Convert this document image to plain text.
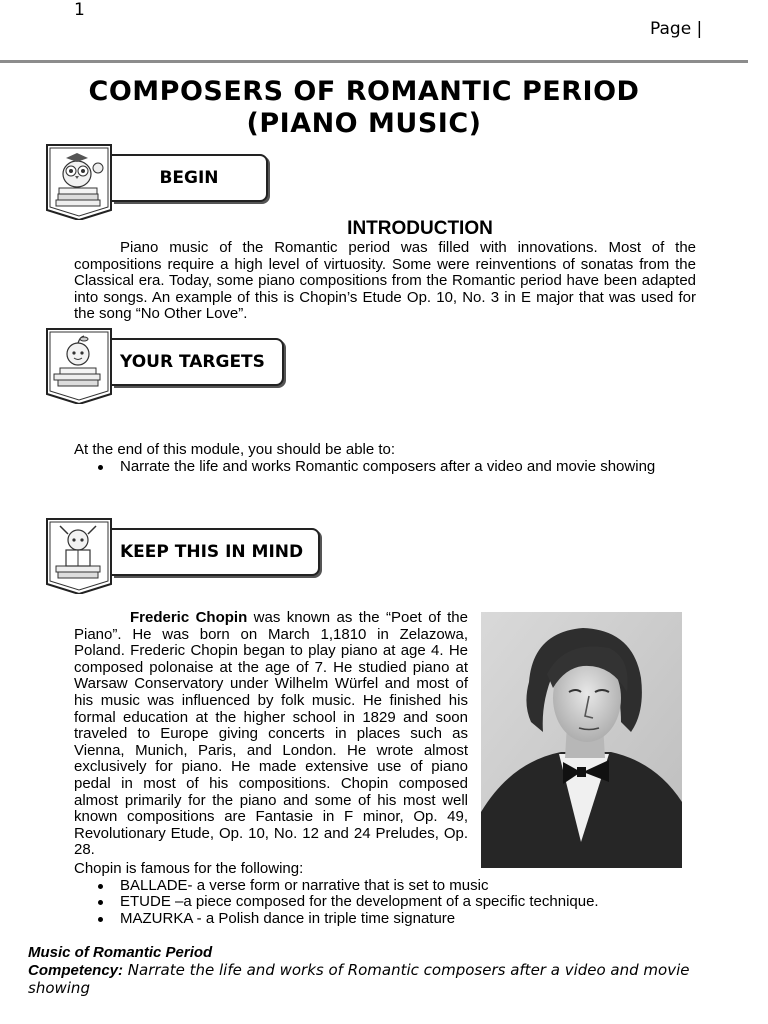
1
Page |
COMPOSERS OF ROMANTIC PERIOD
(PIANO MUSIC)
BEGIN
INTRODUCTION
Piano music of the Romantic period was filled with innovations. Most of the compositions require a high level of virtuosity. Some were reinventions of sonatas from the Classical era. Today, some piano compositions from the Romantic period have been adapted into songs. An example of this is Chopin’s Etude Op. 10, No. 3 in E major that was used for the song “No Other Love”.
YOUR TARGETS
At the end of this module, you should be able to:
Narrate the life and works Romantic composers after a video and movie showing
KEEP THIS IN MIND
Frederic Chopin was known as the “Poet of the Piano”. He was born on March 1,1810 in Zelazowa, Poland. Frederic Chopin began to play piano at age 4. He composed polonaise at the age of 7. He studied piano at Warsaw Conservatory under Wilhelm Würfel and most of his music was influenced by folk music. He finished his formal education at the higher school in 1829 and soon traveled to Europe giving concerts in places such as Vienna, Munich, Paris, and London. He wrote almost exclusively for piano. He made extensive use of piano pedal in most of his compositions. Chopin composed almost primarily for the piano and some of his most well known compositions are Fantasie in F minor, Op. 49, Revolutionary Etude, Op. 10, No. 12 and 24 Preludes, Op. 28.
Chopin is famous for the following:
BALLADE- a verse form or narrative that is set to music
ETUDE –a piece composed for the development of a specific technique.
MAZURKA - a Polish dance in triple time signature
Music of Romantic Period
Competency: Narrate the life and works of Romantic composers after a video and movie showing
